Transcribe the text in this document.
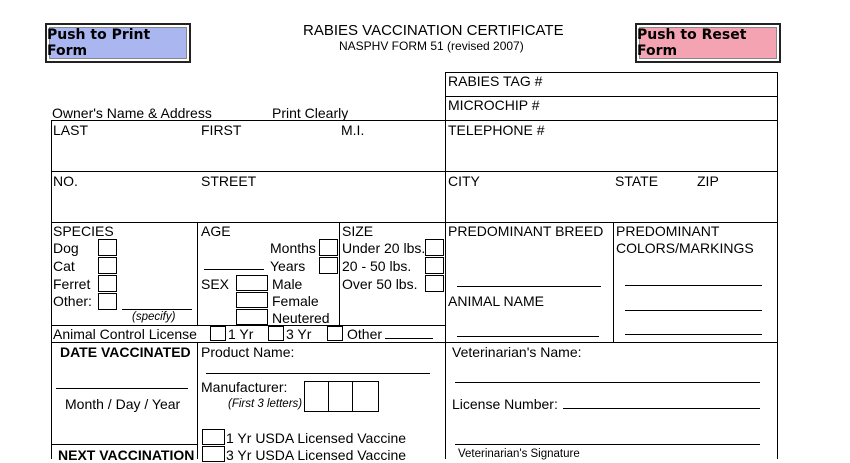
Push to Print Form
Push to Reset Form
RABIES VACCINATION CERTIFICATE
NASPHV FORM 51 (revised 2007)
RABIES TAG #
MICROCHIP #
TELEPHONE #
Owner's Name & Address	Print Clearly
LAST	FIRST	M.I.
NO.	STREET	CITY	STATE	ZIP
SPECIES
Dog
Cat
Ferret
Other:
(specify)
AGE
Months
Years
SEX	Male
Female
Neutered
SIZE
Under 20 lbs.
20 - 50 lbs.
Over 50 lbs.
PREDOMINANT BREED
ANIMAL NAME
PREDOMINANT
COLORS/MARKINGS
Animal Control License 1 Yr 3 Yr	Other
DATE VACCINATED
Month / Day / Year
NEXT VACCINATION
Product Name:
Manufacturer:
(First 3 letters)
1 Yr USDA Licensed Vaccine
3 Yr USDA Licensed Vaccine
Veterinarian's Name:
License Number:
Veterinarian's Signature
